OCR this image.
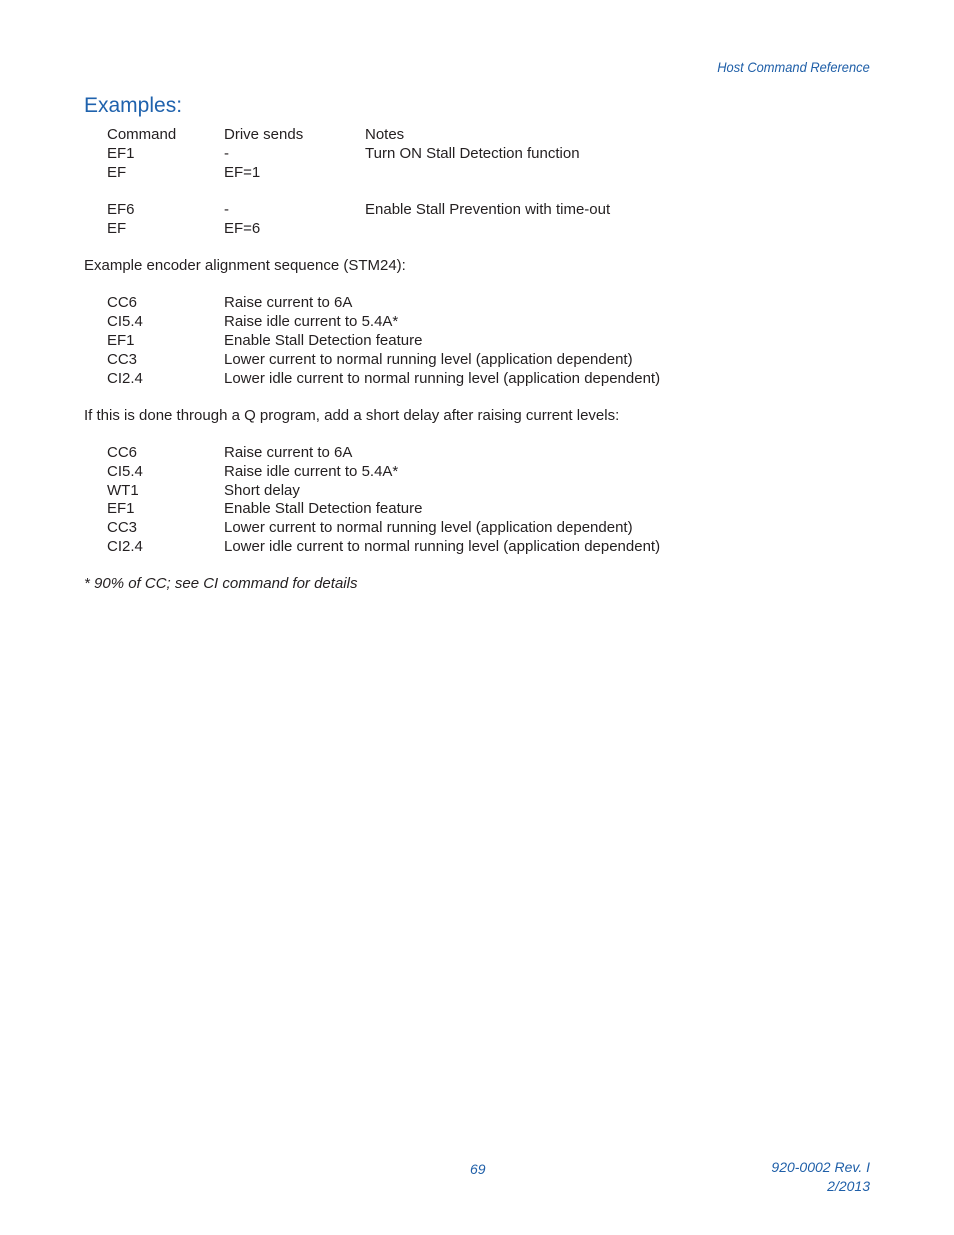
Host Command Reference
Examples:
Command	Drive sends	Notes
EF1	-	Turn ON Stall Detection function
EF	EF=1
EF6	-	Enable Stall Prevention with time-out
EF	EF=6
Example encoder alignment sequence (STM24):
CC6	Raise current to 6A
CI5.4	Raise idle current to 5.4A*
EF1	Enable Stall Detection feature
CC3	Lower current to normal running level (application dependent)
CI2.4	Lower idle current to normal running level (application dependent)
If this is done through a Q program, add a short delay after raising current levels:
CC6	Raise current to 6A
CI5.4	Raise idle current to 5.4A*
WT1	Short delay
EF1	Enable Stall Detection feature
CC3	Lower current to normal running level (application dependent)
CI2.4	Lower idle current to normal running level (application dependent)
* 90% of CC; see CI command for details
69	920-0002 Rev. I
2/2013
